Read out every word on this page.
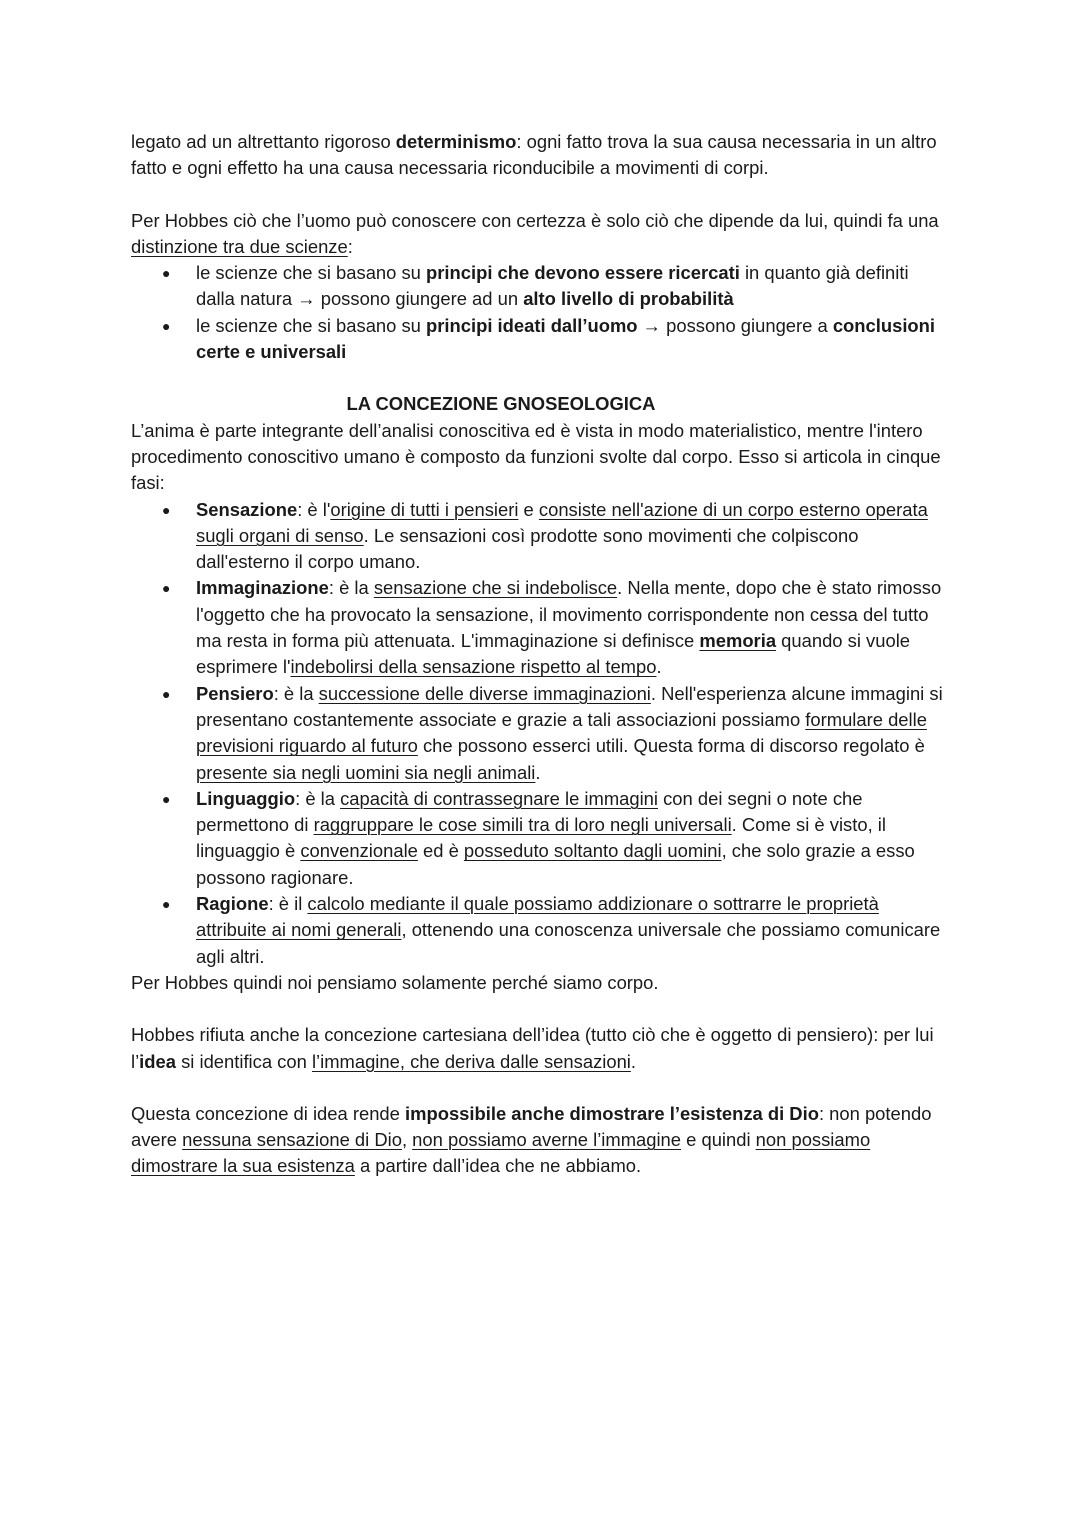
legato ad un altrettanto rigoroso determinismo: ogni fatto trova la sua causa necessaria in un altro fatto e ogni effetto ha una causa necessaria riconducibile a movimenti di corpi.

Per Hobbes ciò che l’uomo può conoscere con certezza è solo ciò che dipende da lui, quindi fa una distinzione tra due scienze:

● le scienze che si basano su principi che devono essere ricercati in quanto già definiti dalla natura → possono giungere ad un alto livello di probabilità
● le scienze che si basano su principi ideati dall’uomo → possono giungere a conclusioni certe e universali

LA CONCEZIONE GNOSEOLOGICA

L’anima è parte integrante dell’analisi conoscitiva ed è vista in modo materialistico, mentre l'intero procedimento conoscitivo umano è composto da funzioni svolte dal corpo. Esso si articola in cinque fasi:

● Sensazione: è l'origine di tutti i pensieri e consiste nell'azione di un corpo esterno operata sugli organi di senso. Le sensazioni così prodotte sono movimenti che colpiscono dall'esterno il corpo umano.
● Immaginazione: è la sensazione che si indebolisce. Nella mente, dopo che è stato rimosso l'oggetto che ha provocato la sensazione, il movimento corrispondente non cessa del tutto ma resta in forma più attenuata. L'immaginazione si definisce memoria quando si vuole esprimere l'indebolirsi della sensazione rispetto al tempo.
● Pensiero: è la successione delle diverse immaginazioni. Nell'esperienza alcune immagini si presentano costantemente associate e grazie a tali associazioni possiamo formulare delle previsioni riguardo al futuro che possono esserci utili. Questa forma di discorso regolato è presente sia negli uomini sia negli animali.
● Linguaggio: è la capacità di contrassegnare le immagini con dei segni o note che permettono di raggruppare le cose simili tra di loro negli universali. Come si è visto, il linguaggio è convenzionale ed è posseduto soltanto dagli uomini, che solo grazie a esso possono ragionare.
● Ragione: è il calcolo mediante il quale possiamo addizionare o sottrarre le proprietà attribuite ai nomi generali, ottenendo una conoscenza universale che possiamo comunicare agli altri.

Per Hobbes quindi noi pensiamo solamente perché siamo corpo.

Hobbes rifiuta anche la concezione cartesiana dell’idea (tutto ciò che è oggetto di pensiero): per lui l’idea si identifica con l’immagine, che deriva dalle sensazioni.

Questa concezione di idea rende impossibile anche dimostrare l’esistenza di Dio: non potendo avere nessuna sensazione di Dio, non possiamo averne l’immagine e quindi non possiamo dimostrare la sua esistenza a partire dall’idea che ne abbiamo.
